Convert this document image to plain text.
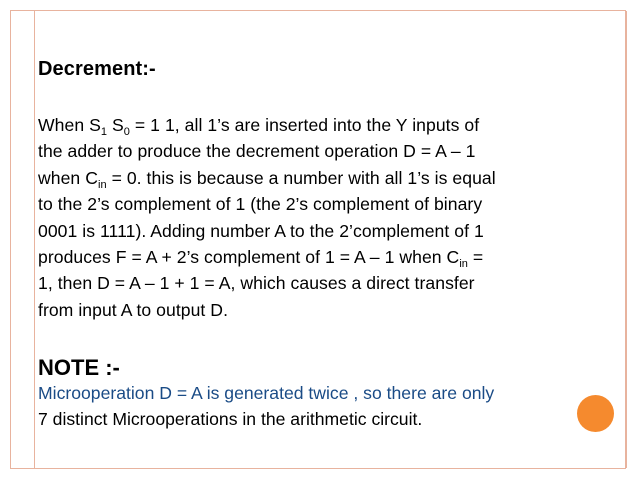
Decrement:-
When $S_1$ $S_0 = 1$ 1, all 1’s are inserted into the Y inputs of
the adder to produce the decrement operation D = A – 1
when $C_{in} = 0$. this is because a number with all 1’s is equal
to the 2’s complement of 1 (the 2’s complement of binary
0001 is 1111). Adding number A to the 2’complement of 1
produces F = A + 2’s complement of 1 = A – 1 when $C_{in}$ =
1, then D = A – 1 + 1 = A, which causes a direct transfer
from input A to output D.
NOTE :-
Microoperation D = A is generated twice , so there are only
7 distinct Microoperations in the arithmetic circuit.
